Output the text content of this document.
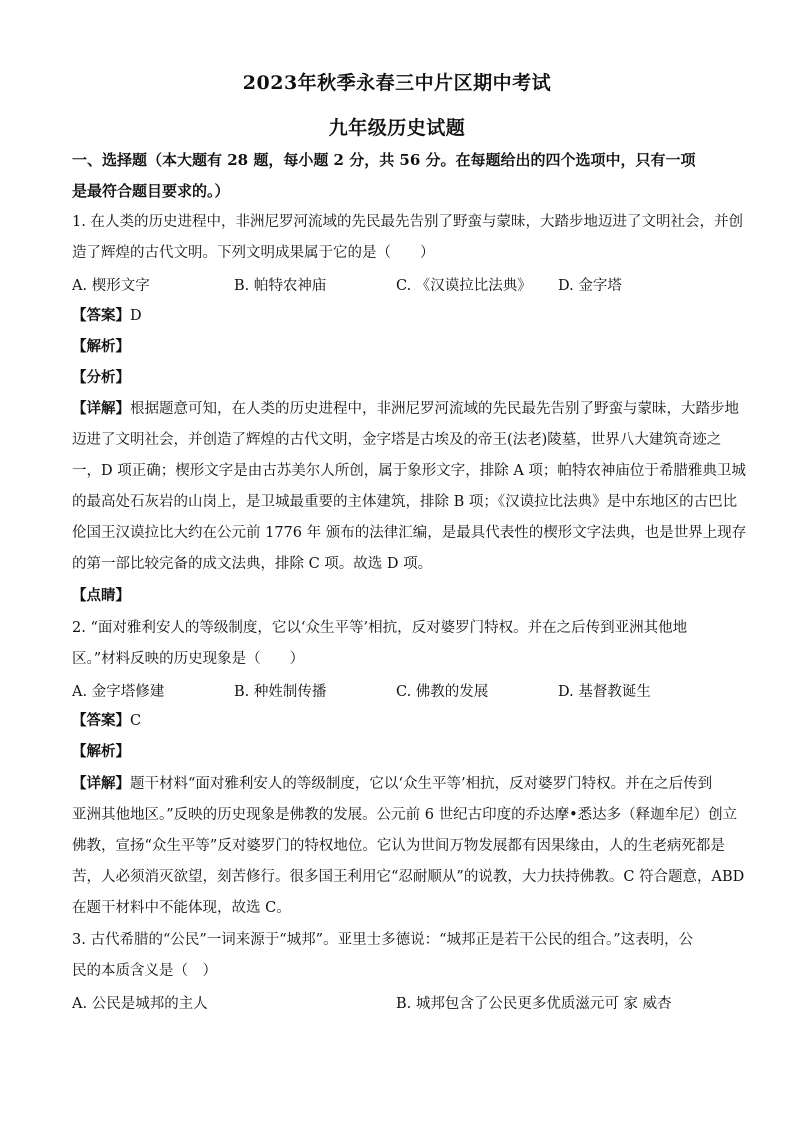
2023年秋季永春三中片区期中考试
九年级历史试题
一、选择题（本大题有 28 题，每小题 2 分，共 56 分。在每题给出的四个选项中，只有一项
是最符合题目要求的。）
1. 在人类的历史进程中，非洲尼罗河流域的先民最先告别了野蛮与蒙昧，大踏步地迈进了文明社会，并创
造了辉煌的古代文明。下列文明成果属于它的是（　　）
A. 楔形文字	B. 帕特农神庙	C. 《汉谟拉比法典》 D. 金字塔
【答案】D
【解析】
【分析】
【详解】根据题意可知，在人类的历史进程中，非洲尼罗河流域的先民最先告别了野蛮与蒙昧，大踏步地
迈进了文明社会，并创造了辉煌的古代文明，金字塔是古埃及的帝王(法老)陵墓，世界八大建筑奇迹之
一，D 项正确；楔形文字是由古苏美尔人所创，属于象形文字，排除 A 项；帕特农神庙位于希腊雅典卫城
的最高处石灰岩的山岗上，是卫城最重要的主体建筑，排除 B 项；《汉谟拉比法典》是中东地区的古巴比
伦国王汉谟拉比大约在公元前 1776 年 颁布的法律汇编，是最具代表性的楔形文字法典，也是世界上现存
的第一部比较完备的成文法典，排除 C 项。故选 D 项。
【点睛】
2. “面对雅利安人的等级制度，它以‘众生平等’相抗，反对婆罗门特权。并在之后传到亚洲其他地
区。”材料反映的历史现象是（　　）
A. 金字塔修建	B. 种姓制传播	C. 佛教的发展	D. 基督教诞生
【答案】C
【解析】
【详解】题干材料“面对雅利安人的等级制度，它以‘众生平等’相抗，反对婆罗门特权。并在之后传到
亚洲其他地区。”反映的历史现象是佛教的发展。公元前 6 世纪古印度的乔达摩•悉达多（释迦牟尼）创立
佛教，宣扬“众生平等”反对婆罗门的特权地位。它认为世间万物发展都有因果缘由，人的生老病死都是
苦，人必须消灭欲望，刻苦修行。很多国王利用它“忍耐顺从”的说教，大力扶持佛教。C 符合题意，ABD
在题干材料中不能体现，故选 C。
3. 古代希腊的“公民”一词来源于“城邦”。亚里士多德说：“城邦正是若干公民的组合。”这表明，公
民的本质含义是（　）
A. 公民是城邦的主人	B. 城邦包含了公民更多优质滋元可 家 威杏
